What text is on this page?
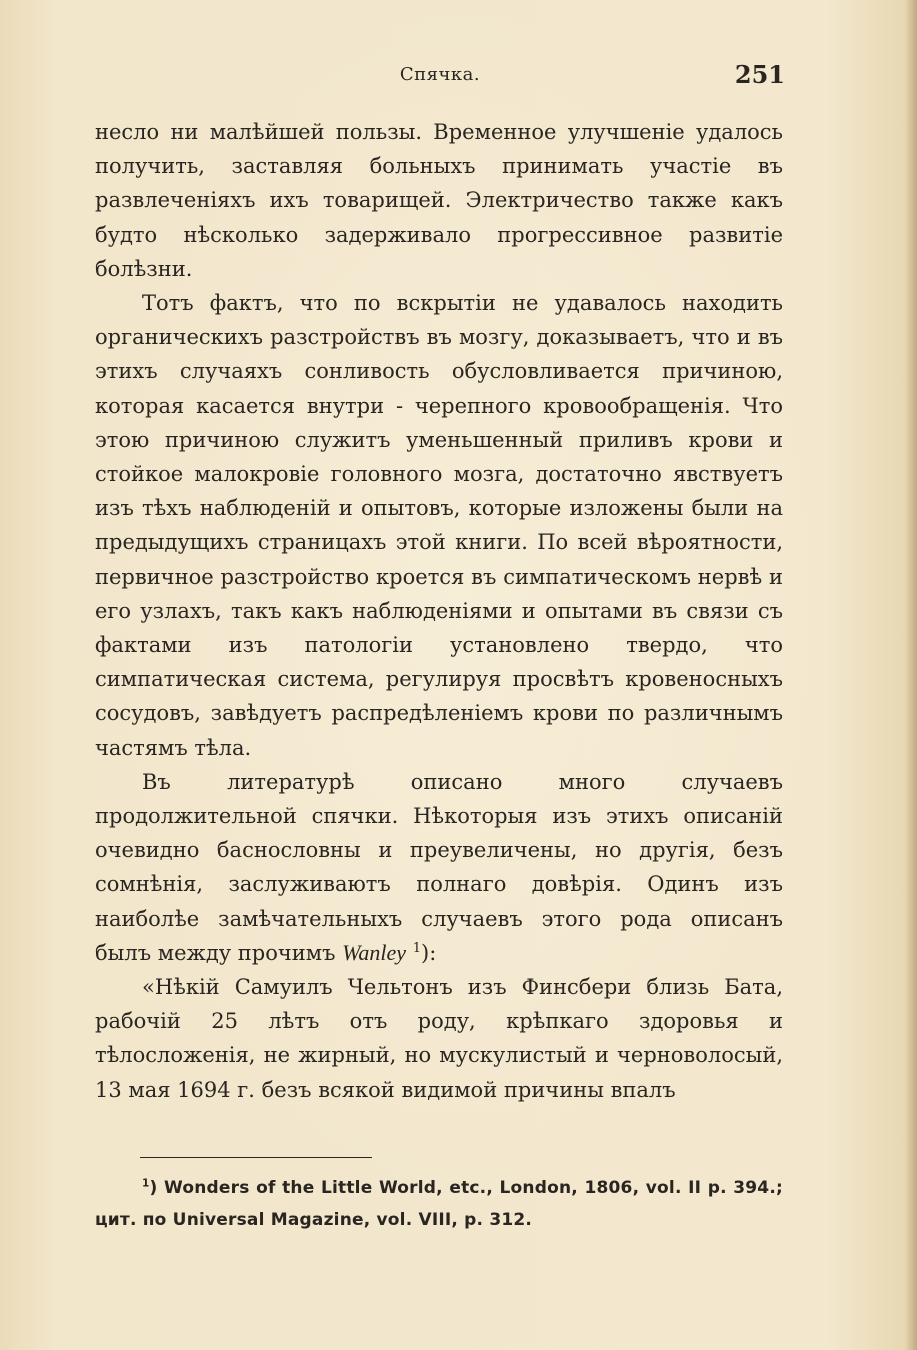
Спячка.	251

несло ни малѣйшей пользы. Временное улучшенiе удалось получить, заставляя больныхъ принимать участiе въ развлеченiяхъ ихъ товарищей. Электричество также какъ будто нѣсколько задерживало прогрессивное развитiе болѣзни.

Тотъ фактъ, что по вскрытiи не удавалось находить органическихъ разстройствъ въ мозгу, доказываетъ, что и въ этихъ случаяхъ сонливость обусловливается причиною, которая касается внутри - черепного кровообращенiя. Что этою причиною служитъ уменьшенный приливъ крови и стойкое малокровiе головного мозга, достаточно явствуетъ изъ тѣхъ наблюденiй и опытовъ, которые изложены были на предыдущихъ страницахъ этой книги. По всей вѣроятности, первичное разстройство кроется въ симпатическомъ нервѣ и его узлахъ, такъ какъ наблюденiями и опытами въ связи съ фактами изъ патологiи установлено твердо, что симпатическая система, регулируя просвѣтъ кровеносныхъ сосудовъ, завѣдуетъ распредѣленiемъ крови по различнымъ частямъ тѣла.

Въ литературѣ описано много случаевъ продолжительной спячки. Нѣкоторыя изъ этихъ описанiй очевидно баснословны и преувеличены, но другiя, безъ сомнѣнiя, заслуживаютъ полнаго довѣрiя. Одинъ изъ наиболѣе замѣчательныхъ случаевъ этого рода описанъ былъ между прочимъ Wanley $^1$):

«Нѣкiй Самуилъ Чельтонъ изъ Финсбери близь Бата, рабочiй 25 лѣтъ отъ роду, крѣпкаго здоровья и тѣлосложенiя, не жирный, но мускулистый и черноволосый, 13 мая 1694 г. безъ всякой видимой причины впалъ

$^1$) Wonders of the Little World, etc., London, 1806, vol. II p. 394.; цит. по Universal Magazine, vol. VIII, p. 312.
